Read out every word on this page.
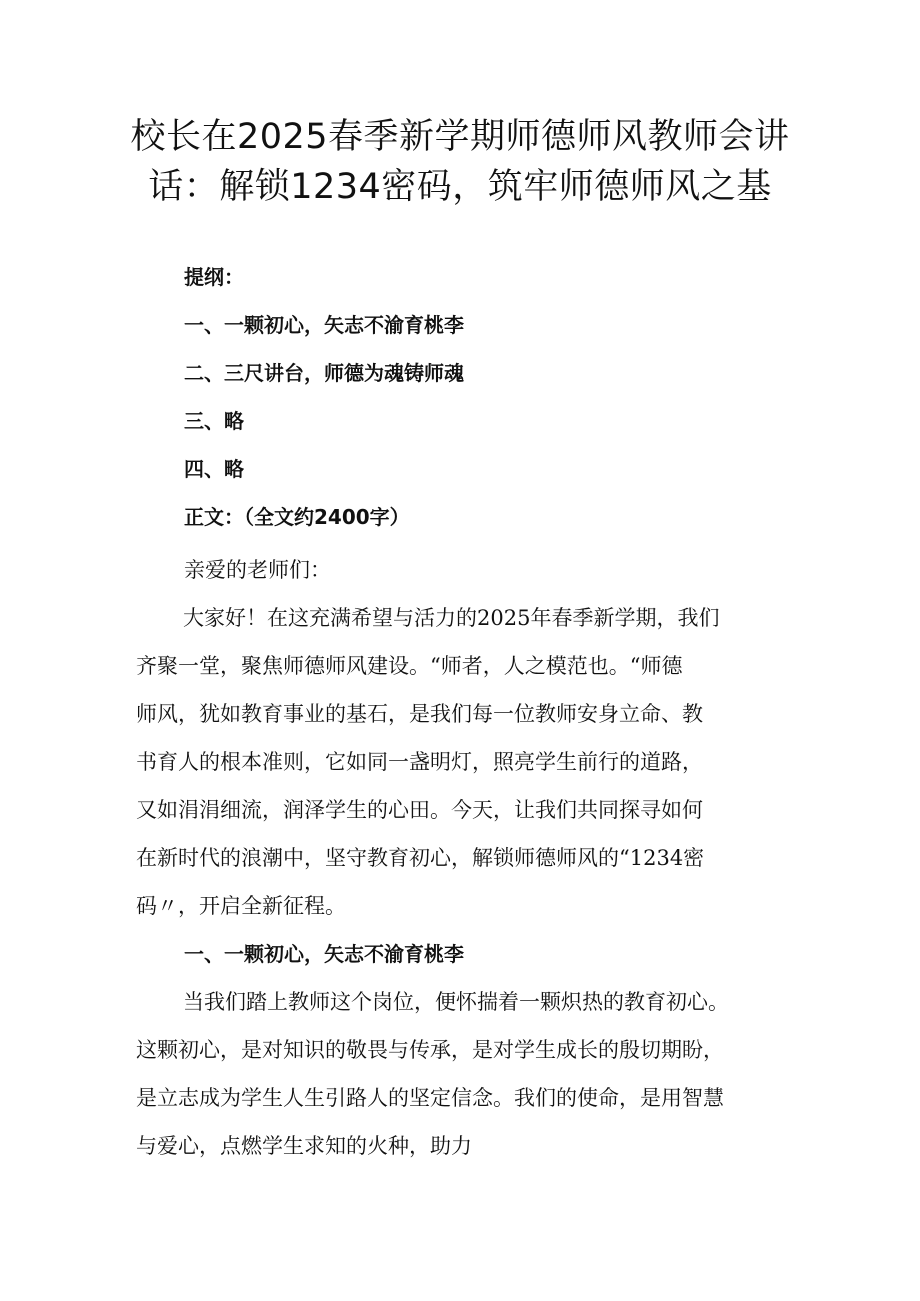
校长在2025春季新学期师德师风教师会讲
话：解锁1234密码，筑牢师德师风之基
提纲：
一、一颗初心，矢志不渝育桃李
二、三尺讲台，师德为魂铸师魂
三、略
四、略
正文：（全文约2400字）
亲爱的老师们：
大家好！在这充满希望与活力的2025年春季新学期，我们
齐聚一堂，聚焦师德师风建设。“师者，人之模范也。“师德
师风，犹如教育事业的基石，是我们每一位教师安身立命、教
书育人的根本准则，它如同一盏明灯，照亮学生前行的道路，
又如涓涓细流，润泽学生的心田。今天，让我们共同探寻如何
在新时代的浪潮中，坚守教育初心，解锁师德师风的“1234密
码〃，开启全新征程。
一、一颗初心，矢志不渝育桃李
当我们踏上教师这个岗位，便怀揣着一颗炽热的教育初心。
这颗初心，是对知识的敬畏与传承，是对学生成长的殷切期盼，
是立志成为学生人生引路人的坚定信念。我们的使命，是用智慧
与爱心，点燃学生求知的火种，助力
